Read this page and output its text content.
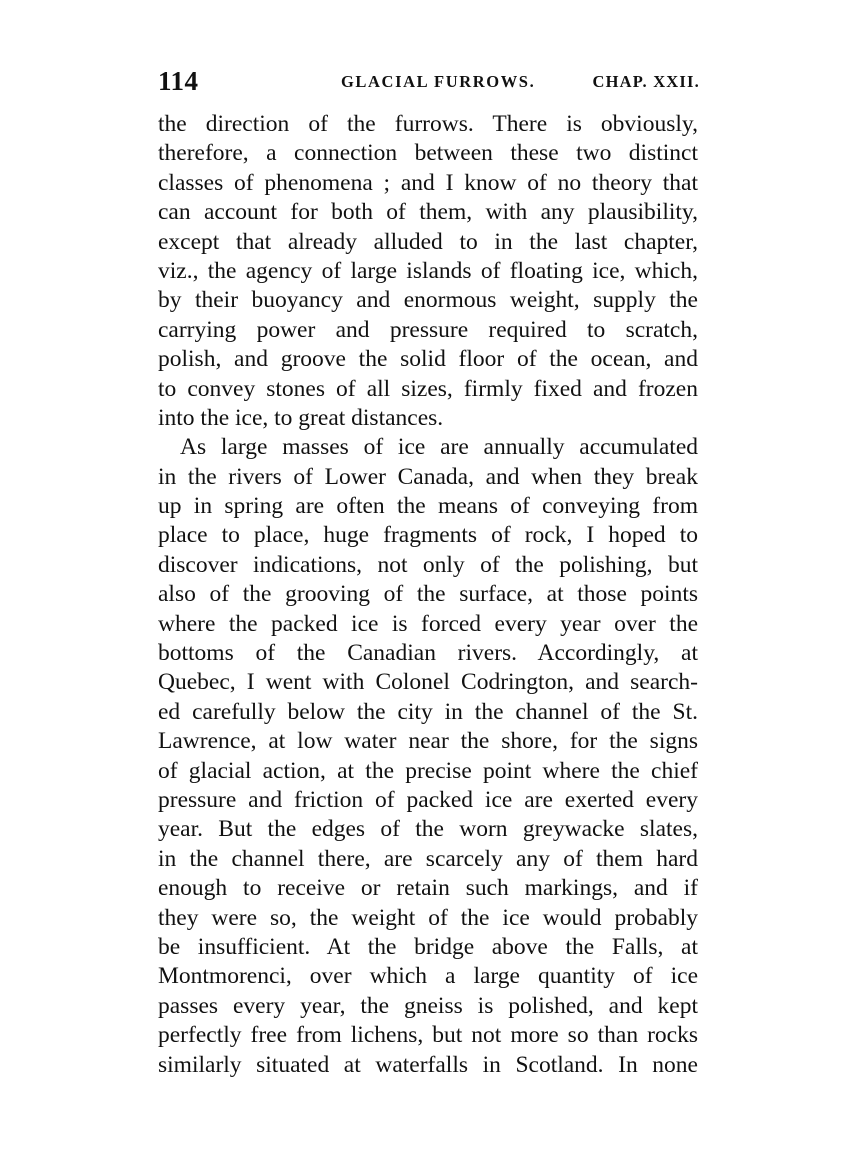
114	GLACIAL FURROWS.	CHAP. XXII.
the direction of the furrows. There is obviously,
therefore, a connection between these two distinct
classes of phenomena ; and I know of no theory that
can account for both of them, with any plausibility,
except that already alluded to in the last chapter,
viz., the agency of large islands of floating ice, which,
by their buoyancy and enormous weight, supply the
carrying power and pressure required to scratch,
polish, and groove the solid floor of the ocean, and
to convey stones of all sizes, firmly fixed and frozen
into the ice, to great distances.
As large masses of ice are annually accumulated
in the rivers of Lower Canada, and when they break
up in spring are often the means of conveying from
place to place, huge fragments of rock, I hoped to
discover indications, not only of the polishing, but
also of the grooving of the surface, at those points
where the packed ice is forced every year over the
bottoms of the Canadian rivers. Accordingly, at
Quebec, I went with Colonel Codrington, and search-
ed carefully below the city in the channel of the St.
Lawrence, at low water near the shore, for the signs
of glacial action, at the precise point where the chief
pressure and friction of packed ice are exerted every
year. But the edges of the worn greywacke slates,
in the channel there, are scarcely any of them hard
enough to receive or retain such markings, and if
they were so, the weight of the ice would probably
be insufficient. At the bridge above the Falls, at
Montmorenci, over which a large quantity of ice
passes every year, the gneiss is polished, and kept
perfectly free from lichens, but not more so than rocks
similarly situated at waterfalls in Scotland. In none
